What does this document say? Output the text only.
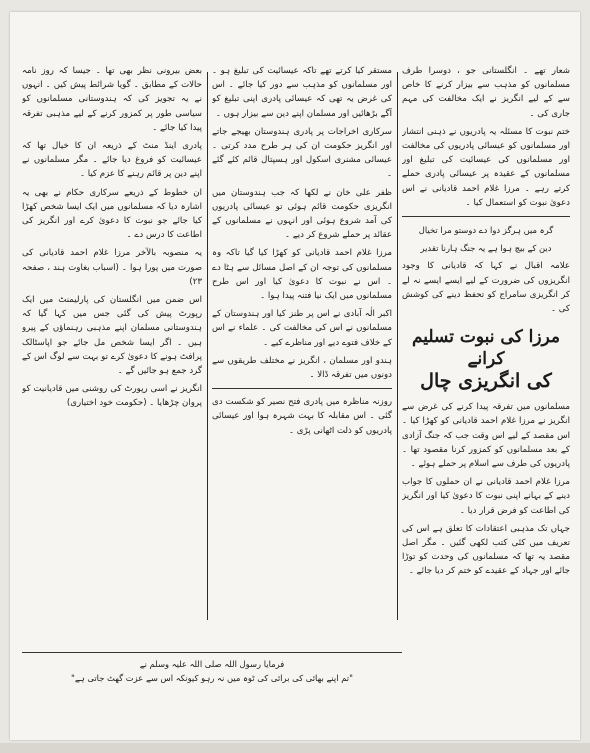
شعار تھے ۔ انگلستانی جو ، دوسرا طرف مسلمانوں کو مذہب سے بیزار کرنے کا خاص سے کے لیے انگریز نے ایک مخالفت کی مہم جاری کی ۔

ختم نبوت کا مسئلہ یہ پادریوں نے ذہنی انتشار اور مسلمانوں کو عیسائی پادریوں کی مخالفت اور مسلمانوں کی عیسائیت کی تبلیغ اور مسلمانوں کے عقیدہ پر عیسائی پادری حملے کرتے رہے ۔ مرزا غلام احمد قادیانی نے اس دعویٰ نبوت کو استعمال کیا ۔

گرہ میں ہرگز دوا دے دوستو مرا تخیال

دین کے بیچ ہوا ہے یہ جنگ ہارنا تقدیر

علامہ اقبال نے کہا کہ قادیانی کا وجود انگریزوں کی ضرورت کے لیے ایسے ایسے نہ لے کر انگریزی سامراج کو تحفظ دینے کی کوشش کی ۔

مرزا کی نبوت تسلیم کرانے
کی انگریزی چال

مسلمانوں میں تفرقہ پیدا کرنے کی غرض سے انگریز نے مرزا غلام احمد قادیانی کو کھڑا کیا ۔ اس مقصد کے لیے اس وقت جب کہ جنگ آزادی کے بعد مسلمانوں کو کمزور کرنا مقصود تھا ۔ پادریوں کی طرف سے اسلام پر حملے ہوئے ۔

مرزا غلام احمد قادیانی نے ان حملوں کا جواب دینے کے بہانے اپنی نبوت کا دعویٰ کیا اور انگریز کی اطاعت کو فرض قرار دیا ۔

جہاں تک مذہبی اعتقادات کا تعلق ہے اس کی تعریف میں کئی کتب لکھی گئیں ۔ مگر اصل مقصد یہ تھا کہ مسلمانوں کی وحدت کو توڑا جائے اور جہاد کے عقیدے کو ختم کر دیا جائے ۔

مستقر کیا کرتے تھے تاکہ عیسائیت کی تبلیغ ہو ۔ اور مسلمانوں کو مذہب سے دور کیا جائے ۔ اس کی غرض یہ تھی کہ عیسائی پادری اپنی تبلیغ کو آگے بڑھائیں اور مسلمان اپنے دین سے بیزار ہوں ۔

سرکاری اخراجات پر پادری ہندوستان بھیجے جاتے اور انگریز حکومت ان کی ہر طرح مدد کرتی ۔ عیسائی مشنری اسکول اور ہسپتال قائم کئے گئے ۔

ظفر علی خان نے لکھا کہ جب ہندوستان میں انگریزی حکومت قائم ہوئی تو عیسائی پادریوں کی آمد شروع ہوئی اور انہوں نے مسلمانوں کے عقائد پر حملے شروع کر دیے ۔

مرزا غلام احمد قادیانی کو کھڑا کیا گیا تاکہ وہ مسلمانوں کی توجہ ان کے اصل مسائل سے ہٹا دے ۔ اس نے نبوت کا دعویٰ کیا اور اس طرح مسلمانوں میں ایک نیا فتنہ پیدا ہوا ۔

اکبر الٰہ آبادی نے اس پر طنز کیا اور ہندوستان کے مسلمانوں نے اس کی مخالفت کی ۔ علماء نے اس کے خلاف فتوے دیے اور مناظرے کیے ۔

ہندو اور مسلمان ، انگریز نے مختلف طریقوں سے دونوں میں تفرقہ ڈالا ۔

روزنہ مناظرہ میں پادری فتح نصیر کو شکست دی گئی ۔ اس مقابلہ کا بہت شہرہ ہوا اور عیسائی پادریوں کو ذلت اٹھانی پڑی ۔

بعض بیرونی نظر بھی تھا ۔ جیسا کہ روز نامہ حالات کے مطابق ۔ گویا شرائط پیش کیں ۔ انہوں نے یہ تجویز کی کہ ہندوستانی مسلمانوں کو سیاسی طور پر کمزور کرنے کے لیے مذہبی تفرقہ پیدا کیا جائے ۔

پادری اینڈ منٹ کے ذریعہ ان کا خیال تھا کہ عیسائیت کو فروغ دیا جائے ۔ مگر مسلمانوں نے اپنے دین پر قائم رہنے کا عزم کیا ۔

ان خطوط کے ذریعے سرکاری حکام نے بھی یہ اشارہ دیا کہ مسلمانوں میں ایک ایسا شخص کھڑا کیا جائے جو نبوت کا دعویٰ کرے اور انگریز کی اطاعت کا درس دے ۔

یہ منصوبہ بالآخر مرزا غلام احمد قادیانی کی صورت میں پورا ہوا ۔ (اسباب بغاوت ہند ، صفحہ ۲۳)

اس ضمن میں انگلستان کی پارلیمنٹ میں ایک رپورٹ پیش کی گئی جس میں کہا گیا کہ ہندوستانی مسلمان اپنے مذہبی رہنماؤں کے پیرو ہیں ۔ اگر ایسا شخص مل جائے جو اپاسٹالک پرافٹ ہونے کا دعویٰ کرے تو بہت سے لوگ اس کے گرد جمع ہو جائیں گے ۔

انگریز نے اسی رپورٹ کی روشنی میں قادیانیت کو پروان چڑھایا ۔ (حکومت خود اختیاری)

فرمایا رسول اللہ صلی اللہ علیہ وسلم نے
"تم اپنے بھائی کی برائی کی ٹوہ میں نہ رہو کیونکہ اس سے عزت گھٹ جاتی ہے"
